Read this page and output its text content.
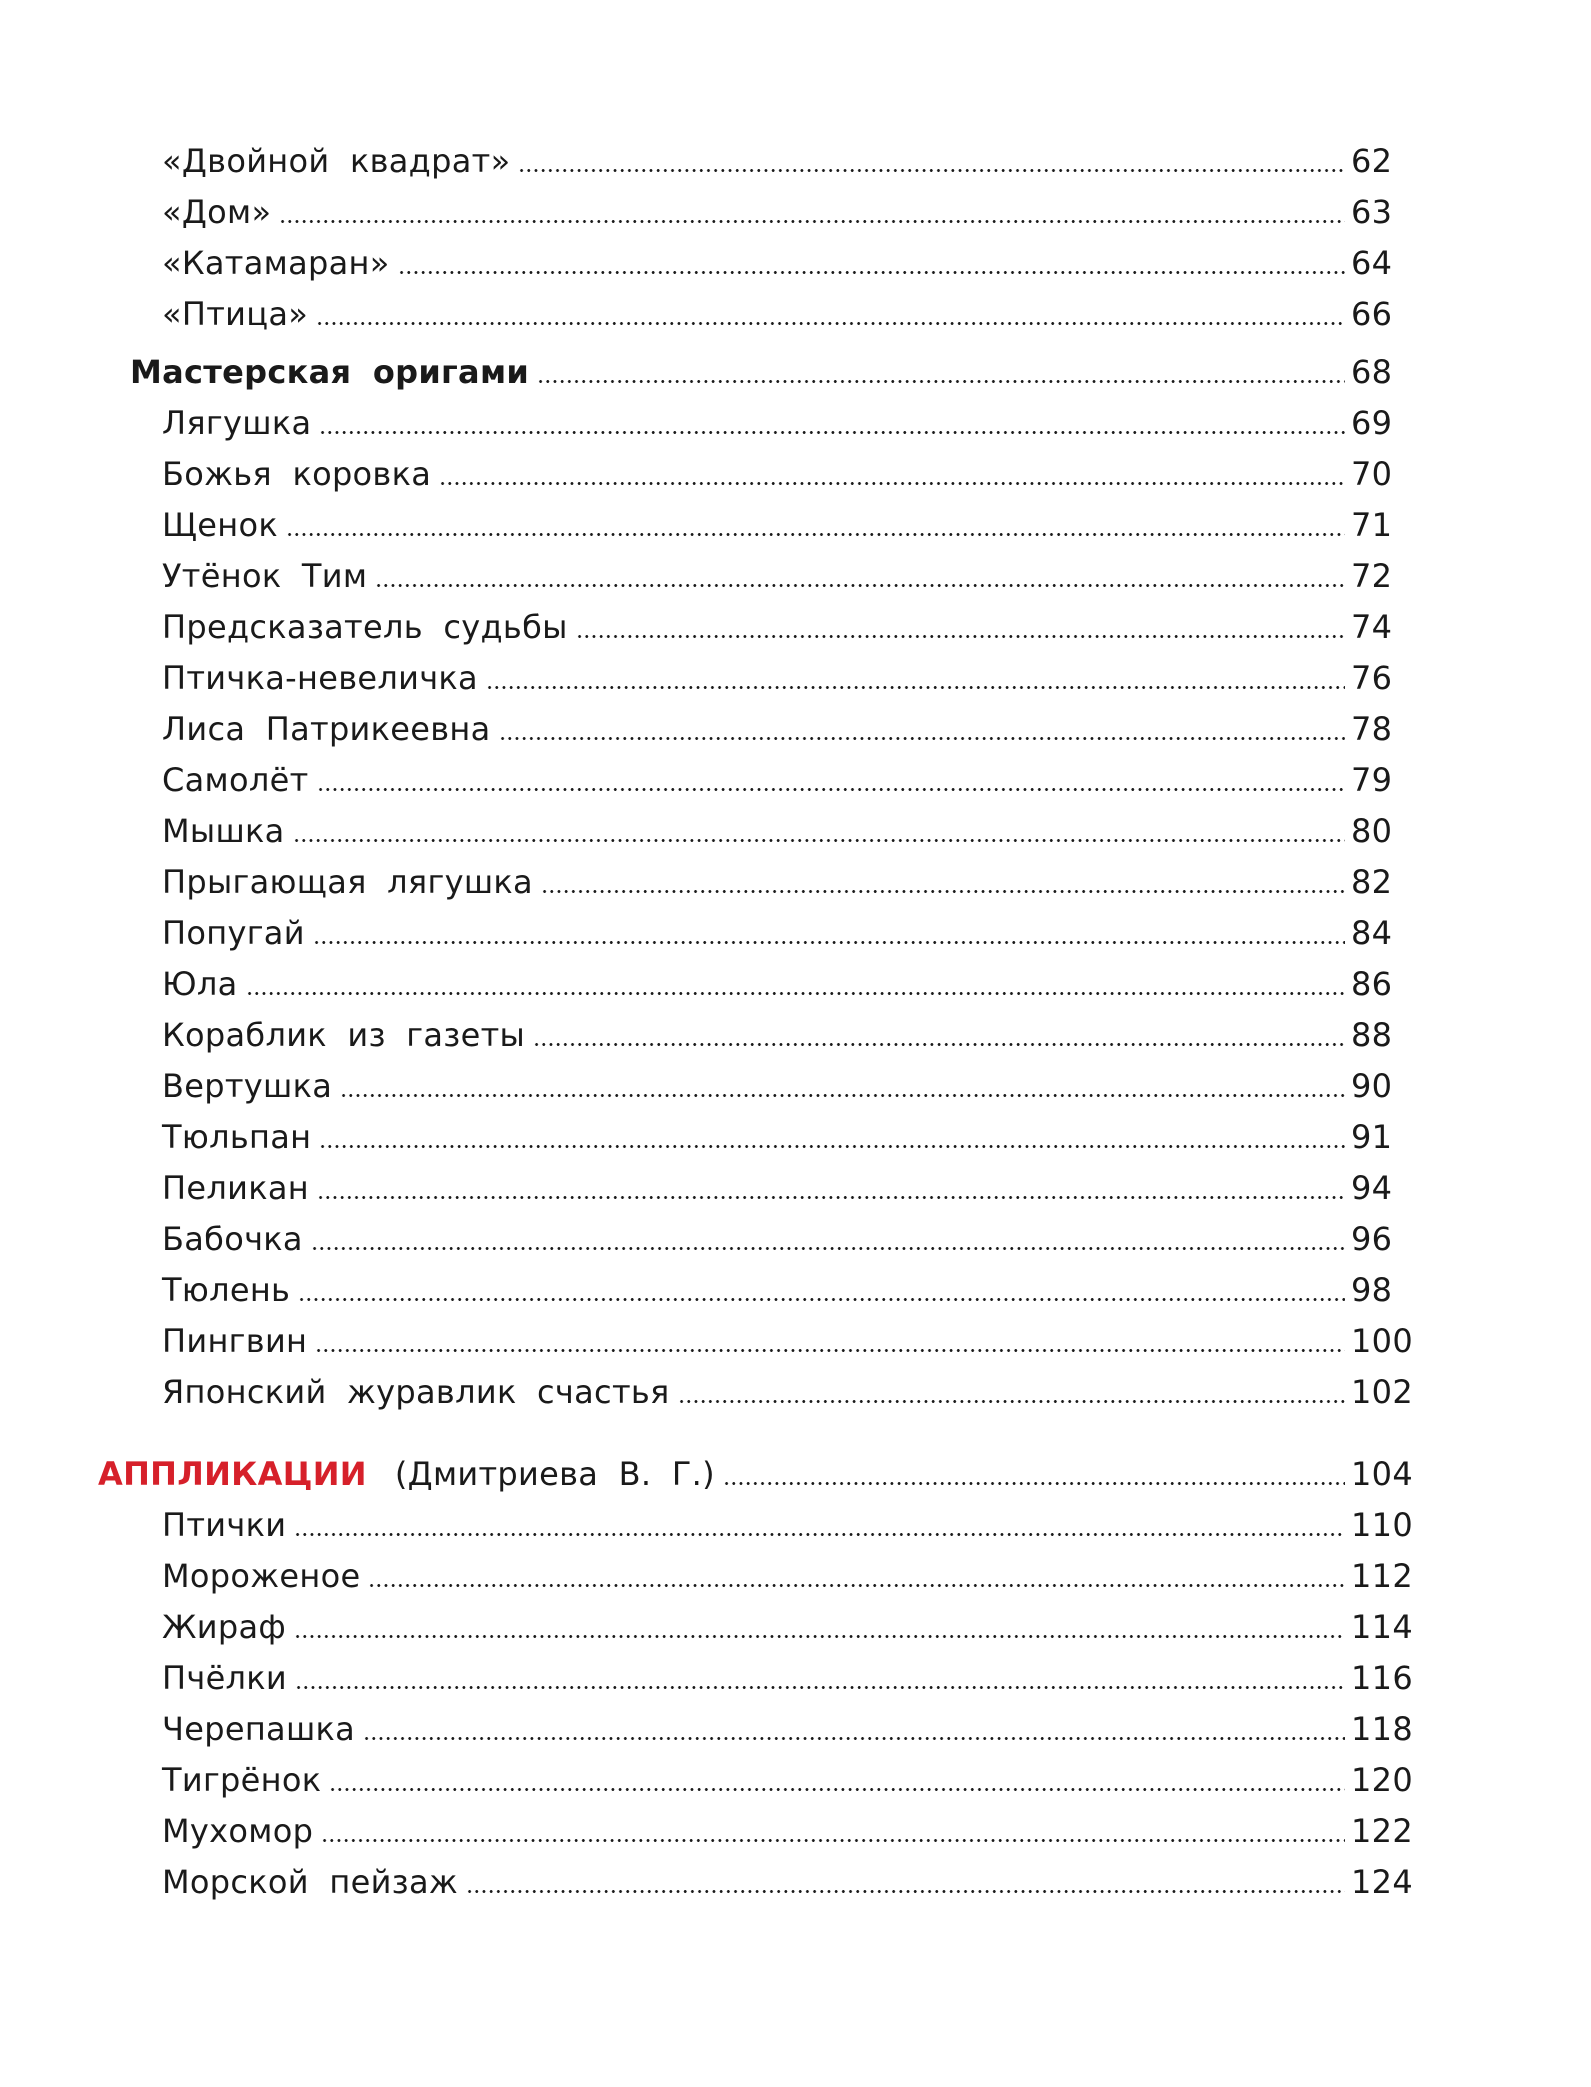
«Двойной квадрат»	62
«Дом»	63
«Катамаран»	64
«Птица»	66
Мастерская оригами	68
Лягушка	69
Божья коровка	70
Щенок	71
Утёнок Тим	72
Предсказатель судьбы	74
Птичка-невеличка	76
Лиса Патрикеевна	78
Самолёт	79
Мышка	80
Прыгающая лягушка	82
Попугай	84
Юла	86
Кораблик из газеты	88
Вертушка	90
Тюльпан	91
Пеликан	94
Бабочка	96
Тюлень	98
Пингвин	100
Японский журавлик счастья	102
АППЛИКАЦИИ (Дмитриева В. Г.)	104
Птички	110
Мороженое	112
Жираф	114
Пчёлки	116
Черепашка	118
Тигрёнок	120
Мухомор	122
Морской пейзаж	124
